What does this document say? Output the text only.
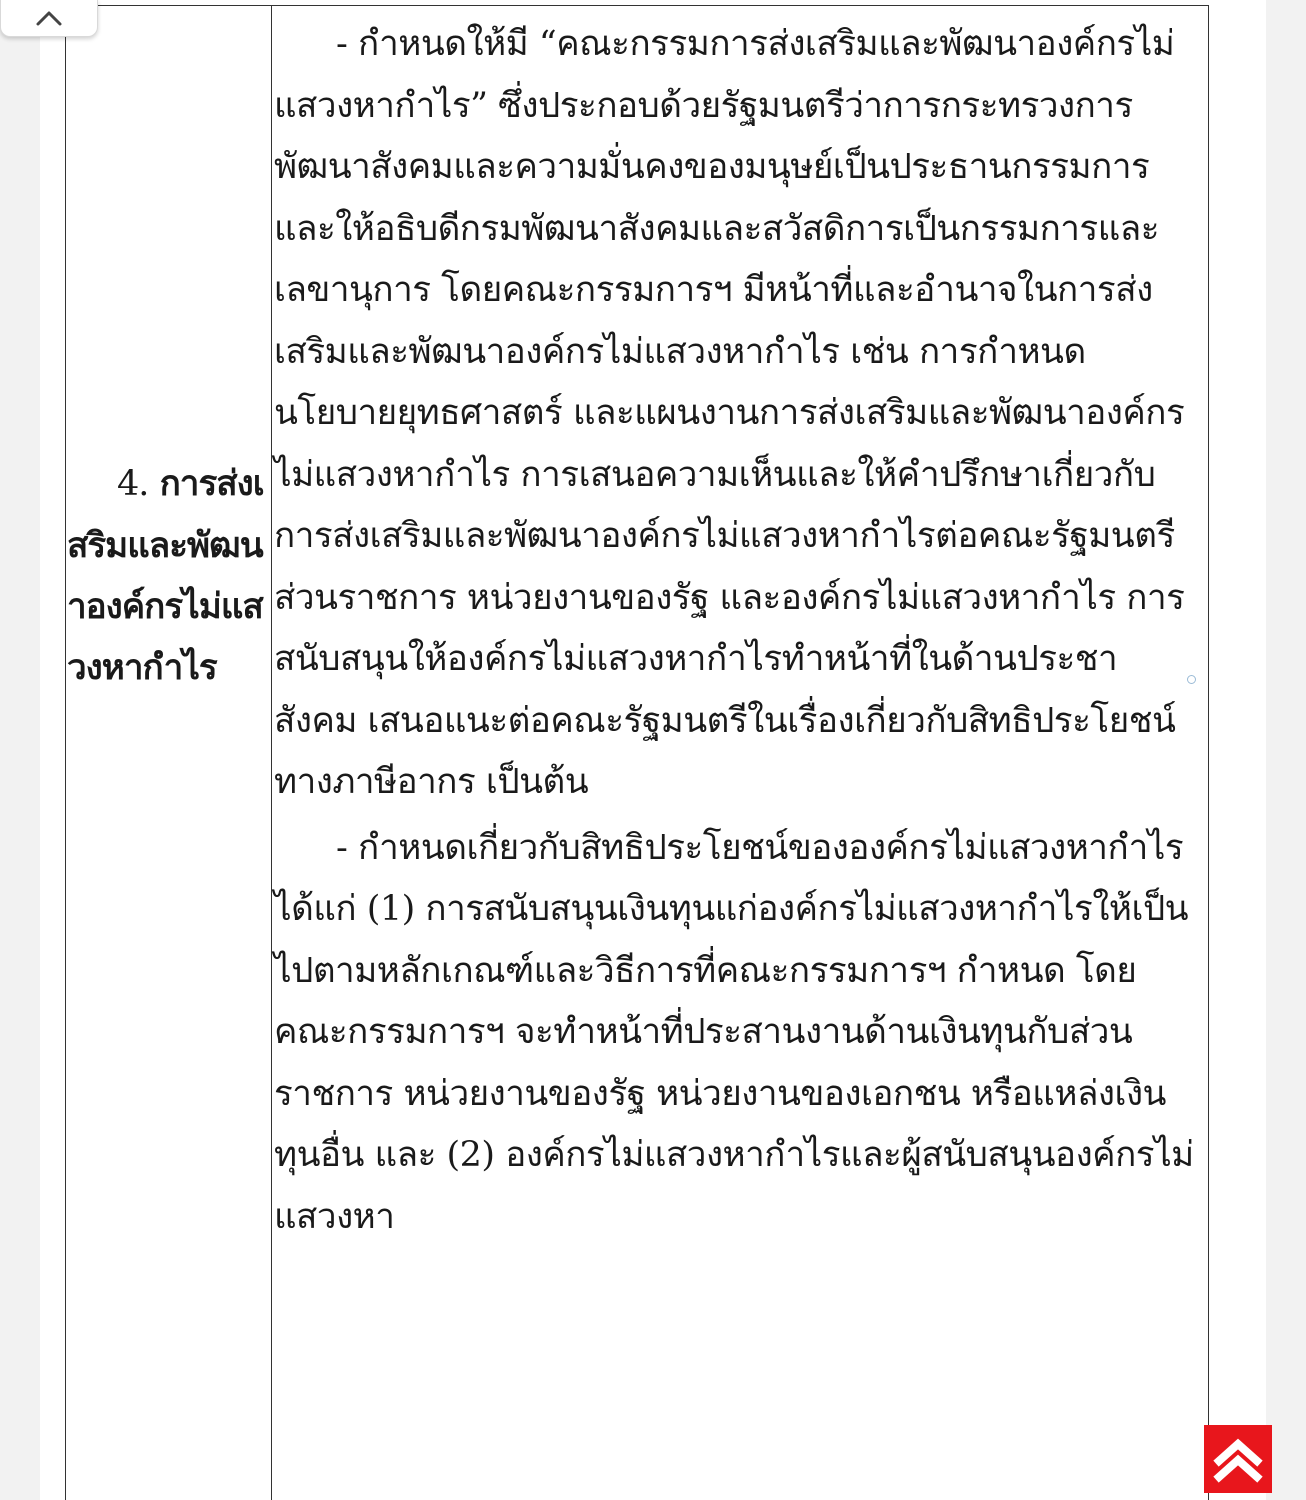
4. การส่งเสริมและพัฒนาองค์กรไม่แสวงหากำไร

- กำหนดให้มี “คณะกรรมการส่งเสริมและพัฒนาองค์กรไม่แสวงหากำไร” ซึ่งประกอบด้วยรัฐมนตรีว่าการกระทรวงการพัฒนาสังคมและความมั่นคงของมนุษย์เป็นประธานกรรมการ และให้อธิบดีกรมพัฒนาสังคมและสวัสดิการเป็นกรรมการและเลขานุการ โดยคณะกรรมการฯ มีหน้าที่และอำนาจในการส่งเสริมและพัฒนาองค์กรไม่แสวงหากำไร เช่น การกำหนดนโยบายยุทธศาสตร์ และแผนงานการส่งเสริมและพัฒนาองค์กรไม่แสวงหากำไร การเสนอความเห็นและให้คำปรึกษาเกี่ยวกับการส่งเสริมและพัฒนาองค์กรไม่แสวงหากำไรต่อคณะรัฐมนตรี ส่วนราชการ หน่วยงานของรัฐ และองค์กรไม่แสวงหากำไร การสนับสนุนให้องค์กรไม่แสวงหากำไรทำหน้าที่ในด้านประชาสังคม เสนอแนะต่อคณะรัฐมนตรีในเรื่องเกี่ยวกับสิทธิประโยชน์ทางภาษีอากร เป็นต้น

- กำหนดเกี่ยวกับสิทธิประโยชน์ขององค์กรไม่แสวงหากำไร ได้แก่ (1) การสนับสนุนเงินทุนแก่องค์กรไม่แสวงหากำไรให้เป็นไปตามหลักเกณฑ์และวิธีการที่คณะกรรมการฯ กำหนด โดยคณะกรรมการฯ จะทำหน้าที่ประสานงานด้านเงินทุนกับส่วนราชการ หน่วยงานของรัฐ หน่วยงานของเอกชน หรือแหล่งเงินทุนอื่น และ (2) องค์กรไม่แสวงหากำไรและผู้สนับสนุนองค์กรไม่แสวงหา
